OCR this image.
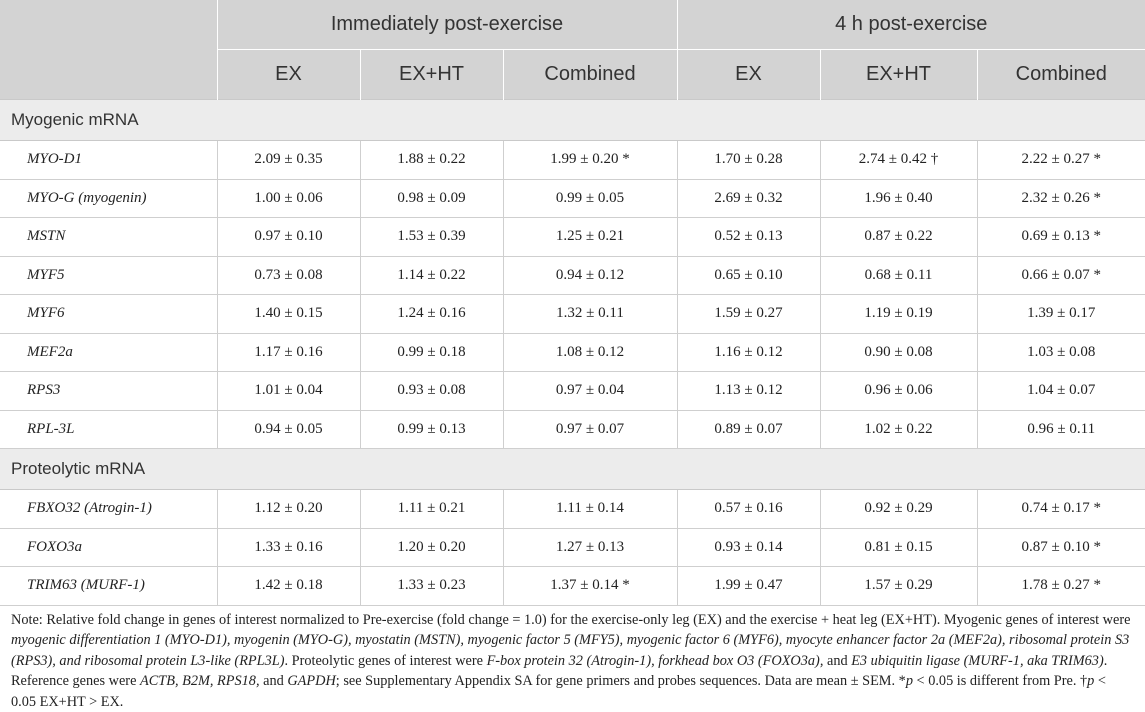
	Immediately post-exercise			4 h post-exercise		
	EX	EX+HT	Combined	EX	EX+HT	Combined
Myogenic mRNA						
MYO-D1	2.09 ± 0.35	1.88 ± 0.22	1.99 ± 0.20 *	1.70 ± 0.28	2.74 ± 0.42 †	2.22 ± 0.27 *
MYO-G (myogenin)	1.00 ± 0.06	0.98 ± 0.09	0.99 ± 0.05	2.69 ± 0.32	1.96 ± 0.40	2.32 ± 0.26 *
MSTN	0.97 ± 0.10	1.53 ± 0.39	1.25 ± 0.21	0.52 ± 0.13	0.87 ± 0.22	0.69 ± 0.13 *
MYF5	0.73 ± 0.08	1.14 ± 0.22	0.94 ± 0.12	0.65 ± 0.10	0.68 ± 0.11	0.66 ± 0.07 *
MYF6	1.40 ± 0.15	1.24 ± 0.16	1.32 ± 0.11	1.59 ± 0.27	1.19 ± 0.19	1.39 ± 0.17
MEF2a	1.17 ± 0.16	0.99 ± 0.18	1.08 ± 0.12	1.16 ± 0.12	0.90 ± 0.08	1.03 ± 0.08
RPS3	1.01 ± 0.04	0.93 ± 0.08	0.97 ± 0.04	1.13 ± 0.12	0.96 ± 0.06	1.04 ± 0.07
RPL-3L	0.94 ± 0.05	0.99 ± 0.13	0.97 ± 0.07	0.89 ± 0.07	1.02 ± 0.22	0.96 ± 0.11
Proteolytic mRNA						
FBXO32 (Atrogin-1)	1.12 ± 0.20	1.11 ± 0.21	1.11 ± 0.14	0.57 ± 0.16	0.92 ± 0.29	0.74 ± 0.17 *
FOXO3a	1.33 ± 0.16	1.20 ± 0.20	1.27 ± 0.13	0.93 ± 0.14	0.81 ± 0.15	0.87 ± 0.10 *
TRIM63 (MURF-1)	1.42 ± 0.18	1.33 ± 0.23	1.37 ± 0.14 *	1.99 ± 0.47	1.57 ± 0.29	1.78 ± 0.27 *
Note: Relative fold change in genes of interest normalized to Pre-exercise (fold change = 1.0) for the exercise-only leg (EX) and the exercise + heat leg (EX+HT). Myogenic genes of interest were myogenic differentiation 1 (MYO-D1), myogenin (MYO-G), myostatin (MSTN), myogenic factor 5 (MFY5), myogenic factor 6 (MYF6), myocyte enhancer factor 2a (MEF2a), ribosomal protein S3 (RPS3), and ribosomal protein L3-like (RPL3L). Proteolytic genes of interest were F-box protein 32 (Atrogin-1), forkhead box O3 (FOXO3a), and E3 ubiquitin ligase (MURF-1, aka TRIM63). Reference genes were ACTB, B2M, RPS18, and GAPDH; see Supplementary Appendix SA for gene primers and probes sequences. Data are mean ± SEM. *p < 0.05 is different from Pre. †p < 0.05 EX+HT > EX.
